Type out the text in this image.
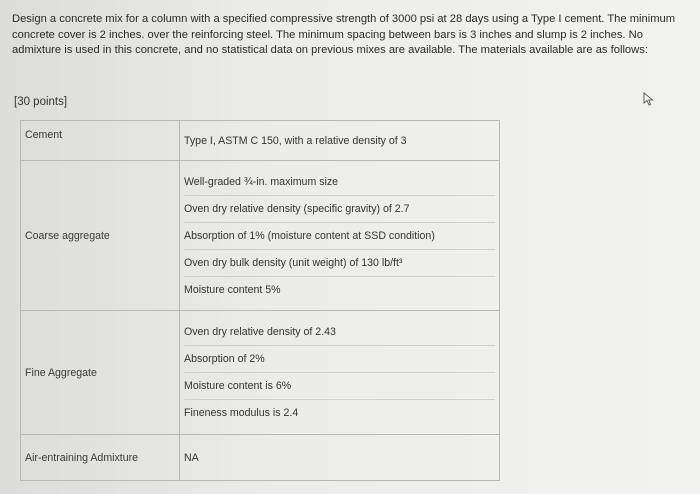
Design a concrete mix for a column with a specified compressive strength of 3000 psi at 28 days using a Type I cement. The minimum concrete cover is 2 inches. over the reinforcing steel. The minimum spacing between bars is 3 inches and slump is 2 inches. No admixture is used in this concrete, and no statistical data on previous mixes are available. The materials available are as follows:
[30 points]
Cement	Type I, ASTM C 150, with a relative density of 3
Coarse aggregate	Well-graded ¾-in. maximum size
Oven dry relative density (specific gravity) of 2.7
Absorption of 1% (moisture content at SSD condition)
Oven dry bulk density (unit weight) of 130 lb/ft³
Moisture content 5%

Fine Aggregate	Oven dry relative density of 2.43
Absorption of 2%
Moisture content is 6%
Fineness modulus is 2.4

Air-entraining Admixture	NA
